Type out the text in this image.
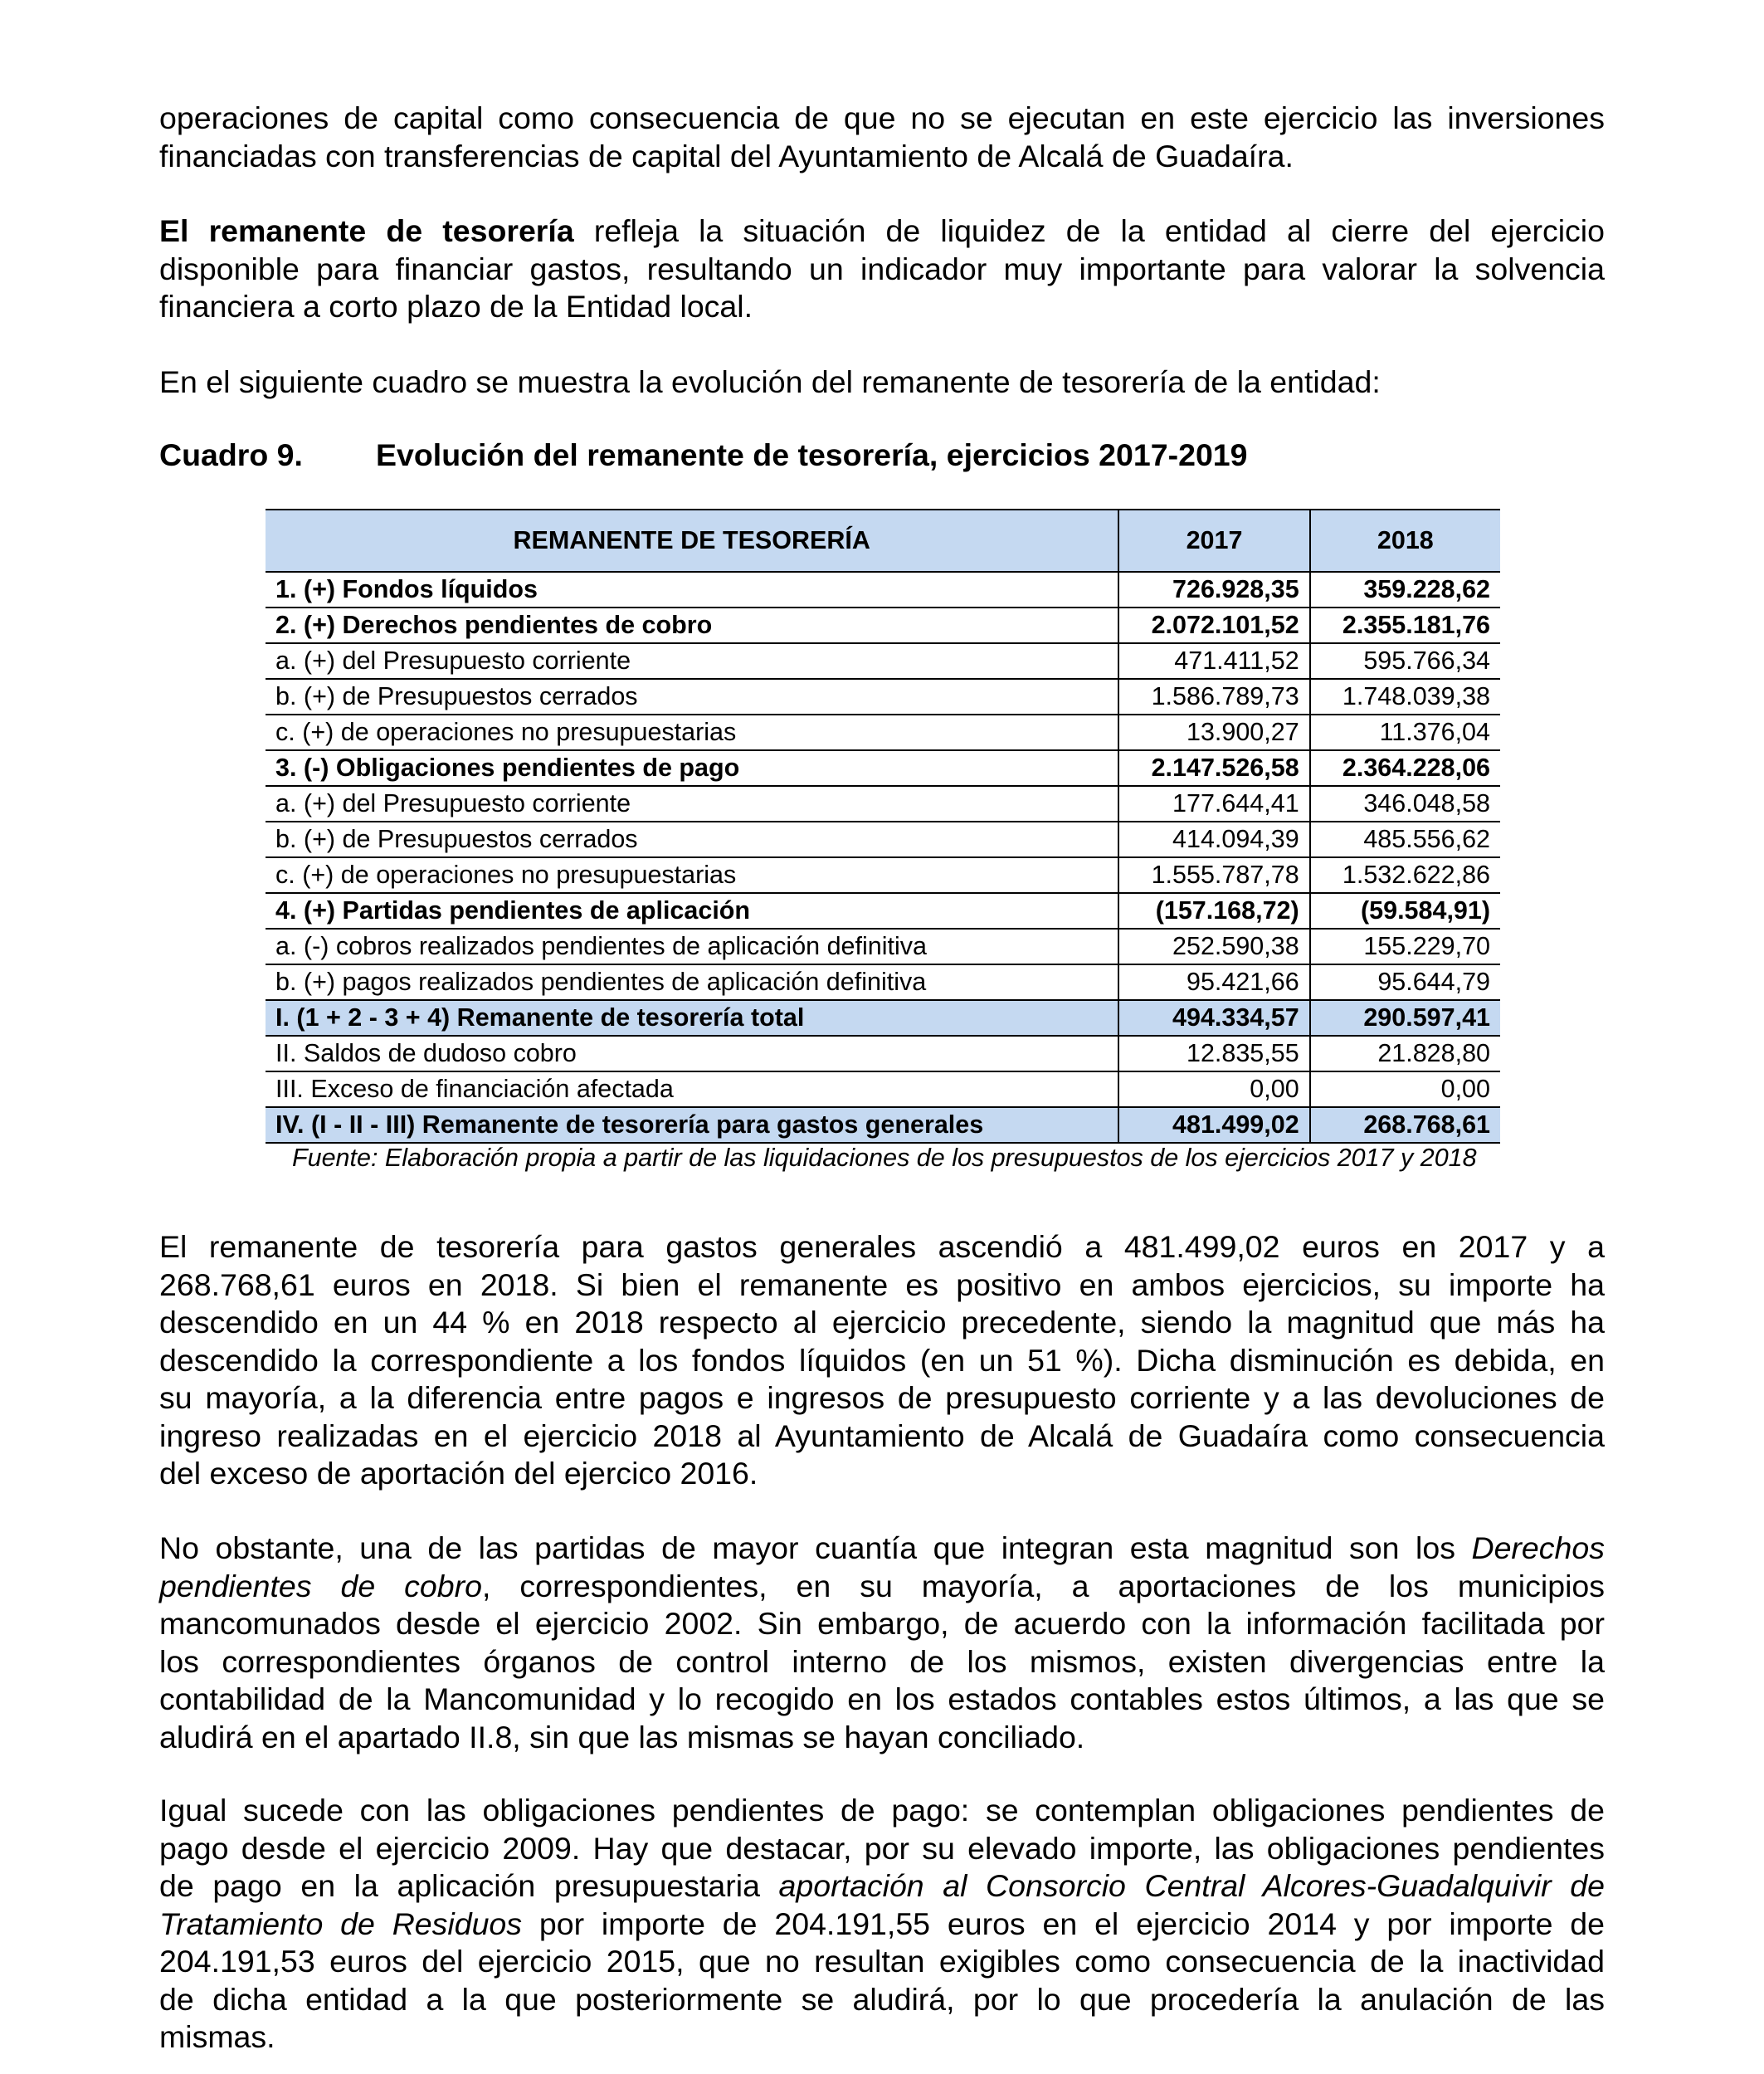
operaciones de capital como consecuencia de que no se ejecutan en este ejercicio las inversiones
financiadas con transferencias de capital del Ayuntamiento de Alcalá de Guadaíra.
El remanente de tesorería refleja la situación de liquidez de la entidad al cierre del ejercicio
disponible para financiar gastos, resultando un indicador muy importante para valorar la solvencia
financiera a corto plazo de la Entidad local.
En el siguiente cuadro se muestra la evolución del remanente de tesorería de la entidad:
Cuadro 9. Evolución del remanente de tesorería, ejercicios 2017-2019
REMANENTE DE TESORERÍA	2017	2018
1. (+) Fondos líquidos	726.928,35	359.228,62
2. (+) Derechos pendientes de cobro	2.072.101,52	2.355.181,76
a. (+) del Presupuesto corriente	471.411,52	595.766,34
b. (+) de Presupuestos cerrados	1.586.789,73	1.748.039,38
c. (+) de operaciones no presupuestarias	13.900,27	11.376,04
3. (-) Obligaciones pendientes de pago	2.147.526,58	2.364.228,06
a. (+) del Presupuesto corriente	177.644,41	346.048,58
b. (+) de Presupuestos cerrados	414.094,39	485.556,62
c. (+) de operaciones no presupuestarias	1.555.787,78	1.532.622,86
4. (+) Partidas pendientes de aplicación	(157.168,72)	(59.584,91)
a. (-) cobros realizados pendientes de aplicación definitiva	252.590,38	155.229,70
b. (+) pagos realizados pendientes de aplicación definitiva	95.421,66	95.644,79
I. (1 + 2 - 3 + 4) Remanente de tesorería total	494.334,57	290.597,41
II. Saldos de dudoso cobro	12.835,55	21.828,80
III. Exceso de financiación afectada	0,00	0,00
IV. (I - II - III) Remanente de tesorería para gastos generales	481.499,02	268.768,61
Fuente: Elaboración propia a partir de las liquidaciones de los presupuestos de los ejercicios 2017 y 2018
El remanente de tesorería para gastos generales ascendió a 481.499,02 euros en 2017 y a
268.768,61 euros en 2018. Si bien el remanente es positivo en ambos ejercicios, su importe ha
descendido en un 44 % en 2018 respecto al ejercicio precedente, siendo la magnitud que más ha
descendido la correspondiente a los fondos líquidos (en un 51 %). Dicha disminución es debida, en
su mayoría, a la diferencia entre pagos e ingresos de presupuesto corriente y a las devoluciones de
ingreso realizadas en el ejercicio 2018 al Ayuntamiento de Alcalá de Guadaíra como consecuencia
del exceso de aportación del ejercico 2016.
No obstante, una de las partidas de mayor cuantía que integran esta magnitud son los Derechos
pendientes de cobro, correspondientes, en su mayoría, a aportaciones de los municipios
mancomunados desde el ejercicio 2002. Sin embargo, de acuerdo con la información facilitada por
los correspondientes órganos de control interno de los mismos, existen divergencias entre la
contabilidad de la Mancomunidad y lo recogido en los estados contables estos últimos, a las que se
aludirá en el apartado II.8, sin que las mismas se hayan conciliado.
Igual sucede con las obligaciones pendientes de pago: se contemplan obligaciones pendientes de
pago desde el ejercicio 2009. Hay que destacar, por su elevado importe, las obligaciones pendientes
de pago en la aplicación presupuestaria aportación al Consorcio Central Alcores-Guadalquivir de
Tratamiento de Residuos por importe de 204.191,55 euros en el ejercicio 2014 y por importe de
204.191,53 euros del ejercicio 2015, que no resultan exigibles como consecuencia de la inactividad
de dicha entidad a la que posteriormente se aludirá, por lo que procedería la anulación de las
mismas.
